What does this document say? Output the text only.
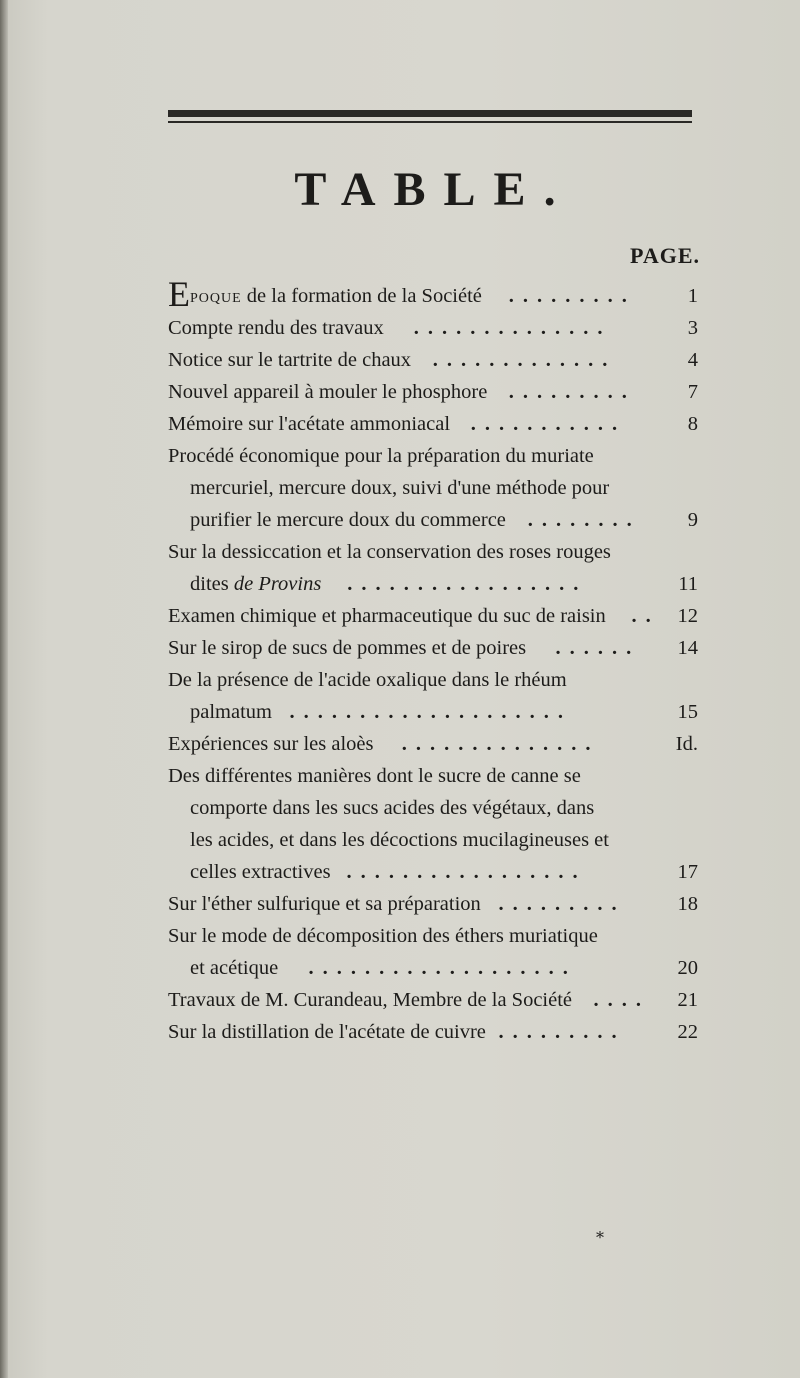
TABLE.
PAGE.
EPOQUE de la formation de la Société	1
.........
Compte rendu des travaux	3
..............
Notice sur le tartrite de chaux	4
.............
Nouvel appareil à mouler le phosphore	7
.........
Mémoire sur l'acétate ammoniacal	8
...........
Procédé économique pour la préparation du muriate
mercuriel, mercure doux, suivi d'une méthode pour
purifier le mercure doux du commerce	9
........
Sur la dessiccation et la conservation des roses rouges
dites de Provins	11
.................
Examen chimique et pharmaceutique du suc de raisin	12
..
Sur le sirop de sucs de pommes et de poires	14
......
De la présence de l'acide oxalique dans le rhéum
palmatum	15
....................
Expériences sur les aloès	Id.
..............
Des différentes manières dont le sucre de canne se
comporte dans les sucs acides des végétaux, dans
les acides, et dans les décoctions mucilagineuses et
celles extractives	17
.................
Sur l'éther sulfurique et sa préparation	18
.........
Sur le mode de décomposition des éthers muriatique
et acétique	20
...................
Travaux de M. Curandeau, Membre de la Société	21
....
Sur la distillation de l'acétate de cuivre	22
.........
*
